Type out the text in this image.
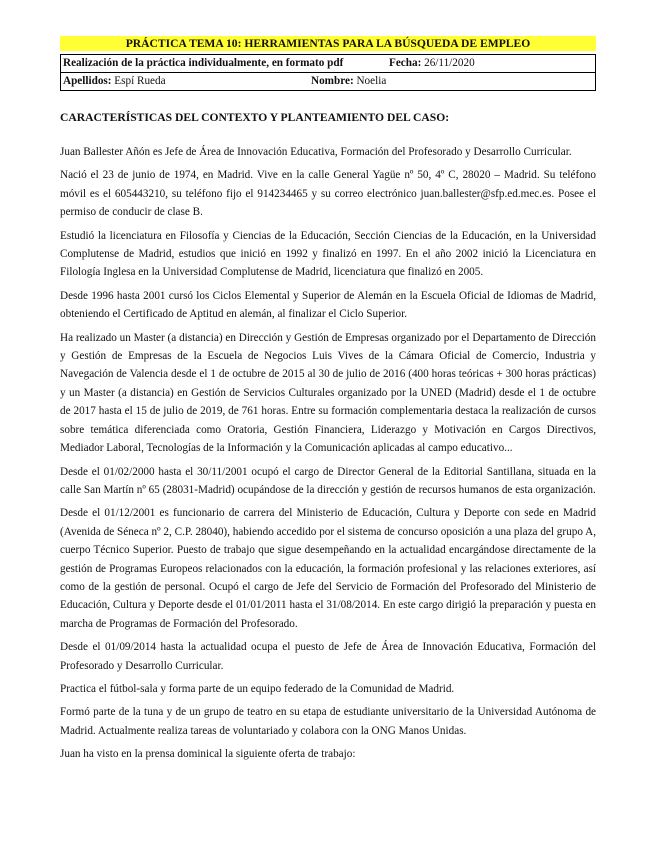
PRÁCTICA TEMA 10: HERRAMIENTAS PARA LA BÚSQUEDA DE EMPLEO
Realización de la práctica individualmente, en formato pdf	Fecha: 26/11/2020
Apellidos: Espí Rueda	Nombre: Noelia
CARACTERÍSTICAS DEL CONTEXTO Y PLANTEAMIENTO DEL CASO:

Juan Ballester Añón es Jefe de Área de Innovación Educativa, Formación del Profesorado y Desarrollo Curricular.

Nació el 23 de junio de 1974, en Madrid. Vive en la calle General Yagüe nº 50, 4º C, 28020 – Madrid. Su teléfono móvil es el 605443210, su teléfono fijo el 914234465 y su correo electrónico juan.ballester@sfp.ed.mec.es. Posee el permiso de conducir de clase B.

Estudió la licenciatura en Filosofía y Ciencias de la Educación, Sección Ciencias de la Educación, en la Universidad Complutense de Madrid, estudios que inició en 1992 y finalizó en 1997. En el año 2002 inició la Licenciatura en Filología Inglesa en la Universidad Complutense de Madrid, licenciatura que finalizó en 2005.

Desde 1996 hasta 2001 cursó los Ciclos Elemental y Superior de Alemán en la Escuela Oficial de Idiomas de Madrid, obteniendo el Certificado de Aptitud en alemán, al finalizar el Ciclo Superior.

Ha realizado un Master (a distancia) en Dirección y Gestión de Empresas organizado por el Departamento de Dirección y Gestión de Empresas de la Escuela de Negocios Luis Vives de la Cámara Oficial de Comercio, Industria y Navegación de Valencia desde el 1 de octubre de 2015 al 30 de julio de 2016 (400 horas teóricas + 300 horas prácticas) y un Master (a distancia) en Gestión de Servicios Culturales organizado por la UNED (Madrid) desde el 1 de octubre de 2017 hasta el 15 de julio de 2019, de 761 horas. Entre su formación complementaria destaca la realización de cursos sobre temática diferenciada como Oratoria, Gestión Financiera, Liderazgo y Motivación en Cargos Directivos, Mediador Laboral, Tecnologías de la Información y la Comunicación aplicadas al campo educativo...

Desde el 01/02/2000 hasta el 30/11/2001 ocupó el cargo de Director General de la Editorial Santillana, situada en la calle San Martín nº 65 (28031-Madrid) ocupándose de la dirección y gestión de recursos humanos de esta organización.

Desde el 01/12/2001 es funcionario de carrera del Ministerio de Educación, Cultura y Deporte con sede en Madrid (Avenida de Séneca nº 2, C.P. 28040), habiendo accedido por el sistema de concurso oposición a una plaza del grupo A, cuerpo Técnico Superior. Puesto de trabajo que sigue desempeñando en la actualidad encargándose directamente de la gestión de Programas Europeos relacionados con la educación, la formación profesional y las relaciones exteriores, así como de la gestión de personal. Ocupó el cargo de Jefe del Servicio de Formación del Profesorado del Ministerio de Educación, Cultura y Deporte desde el 01/01/2011 hasta el 31/08/2014. En este cargo dirigió la preparación y puesta en marcha de Programas de Formación del Profesorado.

Desde el 01/09/2014 hasta la actualidad ocupa el puesto de Jefe de Área de Innovación Educativa, Formación del Profesorado y Desarrollo Curricular.

Practica el fútbol-sala y forma parte de un equipo federado de la Comunidad de Madrid.

Formó parte de la tuna y de un grupo de teatro en su etapa de estudiante universitario de la Universidad Autónoma de Madrid. Actualmente realiza tareas de voluntariado y colabora con la ONG Manos Unidas.

Juan ha visto en la prensa dominical la siguiente oferta de trabajo:
